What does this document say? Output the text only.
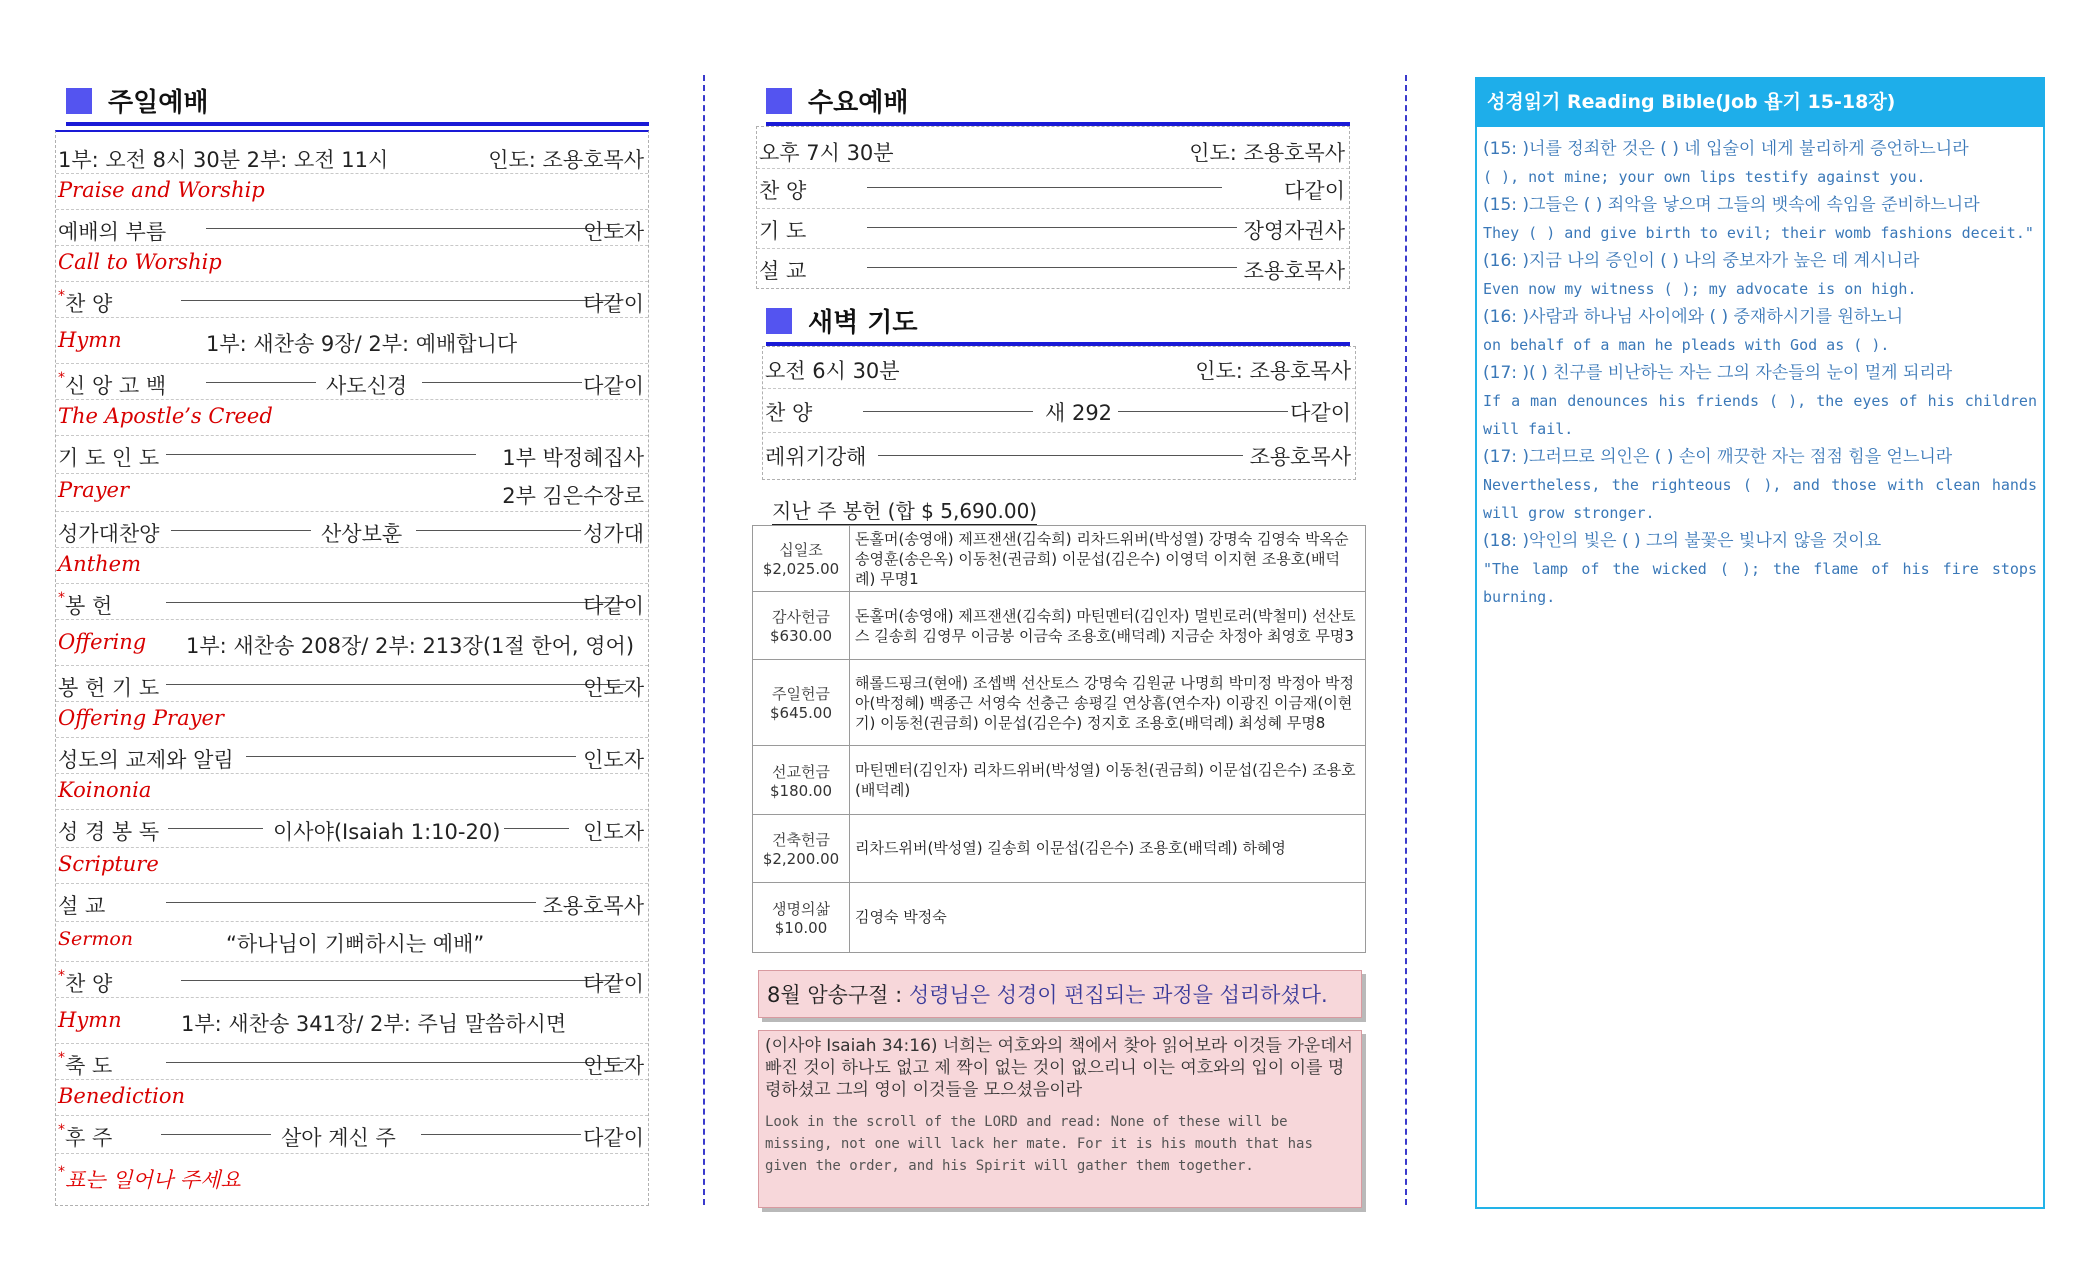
주일예배
1부: 오전 8시 30분 2부: 오전 11시	인도: 조용호목사
Praise and Worship
예배의 부름	인도자
Call to Worship
*찬 양	다같이
Hymn	1부: 새찬송 9장/ 2부: 예배합니다
*신 앙 고 백	사도신경	다같이
The Apostle’s Creed
기 도 인 도	1부 박정혜집사
Prayer	2부 김은수장로
성가대찬양	산상보훈	성가대
Anthem
*봉 헌	다같이
Offering 1부: 새찬송 208장/ 2부: 213장(1절 한어, 영어)
봉 헌 기 도	인도자
Offering Prayer
성도의 교제와 알림	인도자
Koinonia
성 경 봉 독	이사야(Isaiah 1:10-20)	인도자
Scripture
설 교	조용호목사
Sermon	“하나님이 기뻐하시는 예배”
*찬 양	다같이
Hymn	1부: 새찬송 341장/ 2부: 주님 말씀하시면
*축 도	인도자
Benediction
*후 주	살아 계신 주	다같이
*표는 일어나 주세요
수요예배
오후 7시 30분	인도: 조용호목사
찬 양	다같이
기 도	장영자권사
설 교	조용호목사
새벽 기도
오전 6시 30분	인도: 조용호목사
찬 양	새 292	다같이
레위기강해	조용호목사
지난 주 봉헌 (합 $ 5,690.00)
십일조
$2,025.00	돈홀머(송영애) 제프잰샌(김숙희) 리차드위버(박성열) 강명숙 김영숙 박옥순 송영훈(송은옥) 이동천(권금희) 이문섭(김은수) 이영덕 이지현 조용호(배덕례) 무명1

감사헌금
$630.00	돈홀머(송영애) 제프잰샌(김숙희) 마틴멘터(김인자) 멀빈로러(박철미) 선산토스 길송희 김영무 이금봉 이금숙 조용호(배덕례) 지금순 차정아 최영호 무명3

주일헌금
$645.00	해롤드핑크(현애) 조셉백 선산토스 강명숙 김원균 나명희 박미정 박정아 박정아(박정혜) 백종근 서영숙 선충근 송평길 연상흠(연수자) 이광진 이금재(이현기) 이동천(권금희) 이문섭(김은수) 정지호 조용호(배덕례) 최성혜 무명8

선교헌금
$180.00	마틴멘터(김인자) 리차드위버(박성열) 이동천(권금희) 이문섭(김은수) 조용호(배덕례)

건축헌금
$2,200.00	리차드위버(박성열) 길송희 이문섭(김은수) 조용호(배덕례) 하혜영

생명의삶
$10.00	김영숙 박정숙
8월 암송구절 : 성령님은 성경이 편집되는 과정을 섭리하셨다.
(이사야 Isaiah 34:16) 너희는 여호와의 책에서 찾아 읽어보라 이것들 가운데서 빠진 것이 하나도 없고 제 짝이 없는 것이 없으리니 이는 여호와의 입이 이를 명령하셨고 그의 영이 이것들을 모으셨음이라
Look in the scroll of the LORD and read: None of these will be missing, not one will lack her mate. For it is his mouth that has given the order, and his Spirit will gather them together.
성경읽기 Reading Bible(Job 욥기 15-18장)
(15: )너를 정죄한 것은 ( ) 네 입술이 네게 불리하게 증언하느니라
( ), not mine; your own lips testify against you.
(15: )그들은 ( ) 죄악을 낳으며 그들의 뱃속에 속임을 준비하느니라
They ( ) and give birth to evil; their womb fashions deceit."
(16: )지금 나의 증인이 ( ) 나의 중보자가 높은 데 계시니라
Even now my witness ( ); my advocate is on high.
(16: )사람과 하나님 사이에와 ( ) 중재하시기를 원하노니
on behalf of a man he pleads with God as ( ).
(17: )( ) 친구를 비난하는 자는 그의 자손들의 눈이 멀게 되리라
If a man denounces his friends ( ), the eyes of his children will fail.
(17: )그러므로 의인은 ( ) 손이 깨끗한 자는 점점 힘을 얻느니라
Nevertheless, the righteous ( ), and those with clean hands will grow stronger.
(18: )악인의 빛은 ( ) 그의 불꽃은 빛나지 않을 것이요
"The lamp of the wicked ( ); the flame of his fire stops burning.
